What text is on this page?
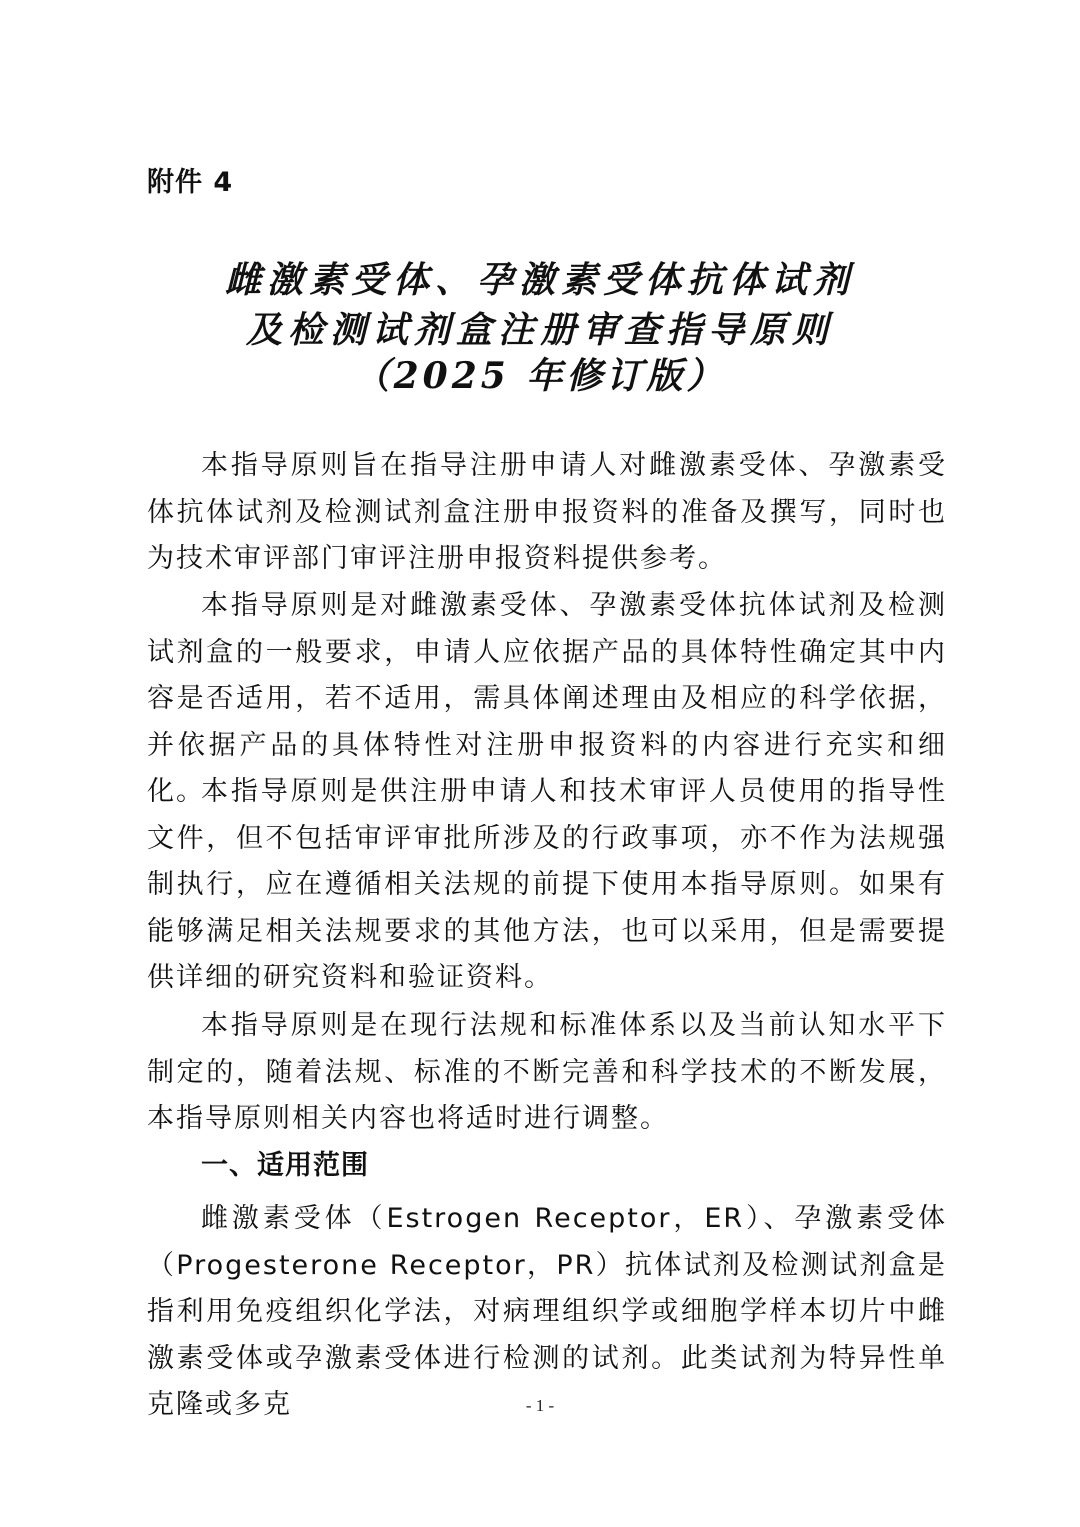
附件 4
雌激素受体、孕激素受体抗体试剂
及检测试剂盒注册审查指导原则
（2025 年修订版）

本指导原则旨在指导注册申请人对雌激素受体、孕激素受体抗体试剂及检测试剂盒注册申报资料的准备及撰写，同时也为技术审评部门审评注册申报资料提供参考。

本指导原则是对雌激素受体、孕激素受体抗体试剂及检测试剂盒的一般要求，申请人应依据产品的具体特性确定其中内容是否适用，若不适用，需具体阐述理由及相应的科学依据，并依据产品的具体特性对注册申报资料的内容进行充实和细化。

本指导原则是供注册申请人和技术审评人员使用的指导性文件，但不包括审评审批所涉及的行政事项，亦不作为法规强制执行，应在遵循相关法规的前提下使用本指导原则。如果有能够满足相关法规要求的其他方法，也可以采用，但是需要提供详细的研究资料和验证资料。

本指导原则是在现行法规和标准体系以及当前认知水平下制定的，随着法规、标准的不断完善和科学技术的不断发展，本指导原则相关内容也将适时进行调整。

一、适用范围

雌激素受体（Estrogen Receptor，ER）、孕激素受体（Progesterone Receptor，PR）抗体试剂及检测试剂盒是指利用免疫组织化学法，对病理组织学或细胞学样本切片中雌激素受体或孕激素受体进行检测的试剂。此类试剂为特异性单克隆或多克	- 1 -
